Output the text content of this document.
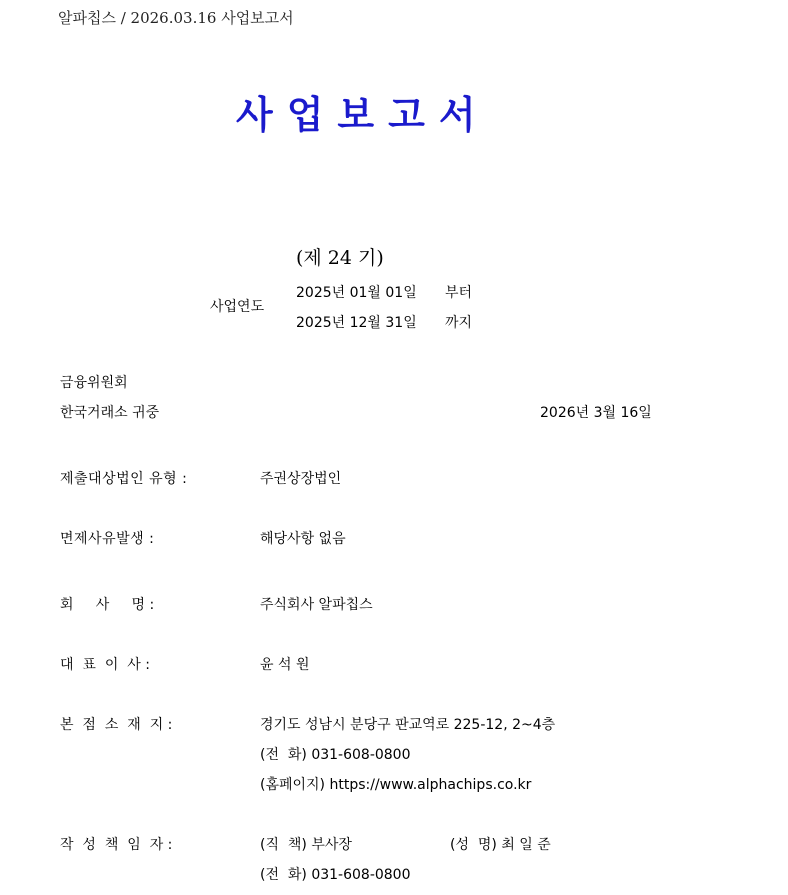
알파칩스 / 2026.03.16 사업보고서
사업보고서
(제 24 기)
사업연도
2025년 01월 01일 부터
2025년 12월 31일 까지
금융위원회
한국거래소 귀중	2026년 3월 16일
제출대상법인 유형 :	주권상장법인
면제사유발생 :	해당사항 없음
회     사     명 :	주식회사 알파칩스
대  표  이  사 :	윤 석 원
본  점  소  재  지 :	경기도 성남시 분당구 판교역로 225-12, 2~4층
(전  화) 031-608-0800
(홈페이지) https://www.alphachips.co.kr
작  성  책  임  자 :	(직  책) 부사장	(성  명) 최 일 준
(전  화) 031-608-0800
